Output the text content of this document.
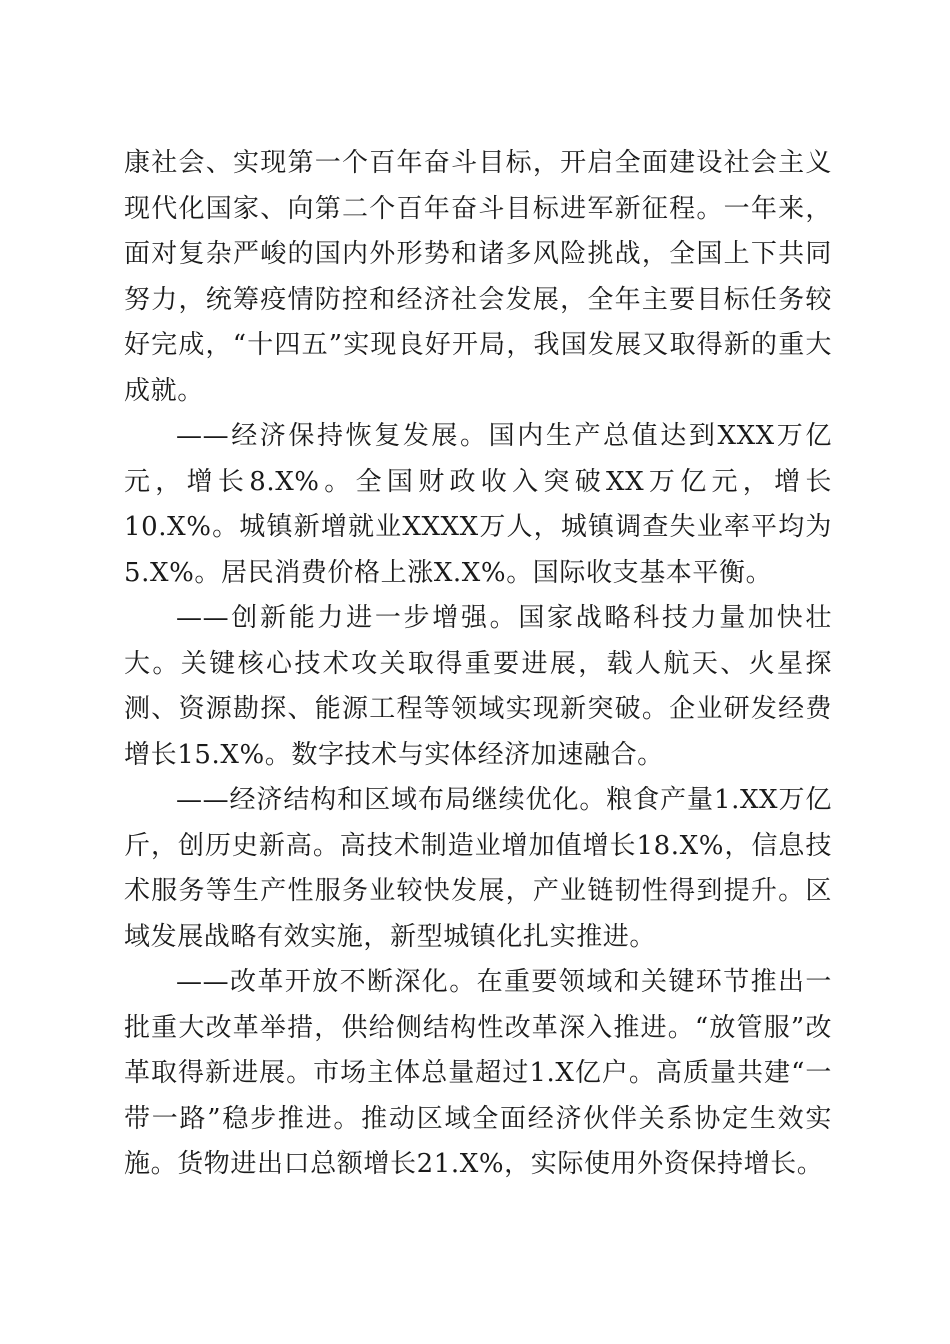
康社会、实现第一个百年奋斗目标，开启全面建设社会主义现代化国家、向第二个百年奋斗目标进军新征程。一年来，面对复杂严峻的国内外形势和诸多风险挑战，全国上下共同努力，统筹疫情防控和经济社会发展，全年主要目标任务较好完成，“十四五”实现良好开局，我国发展又取得新的重大成就。

——经济保持恢复发展。国内生产总值达到XXX万亿元，增长8.X%。全国财政收入突破XX万亿元，增长10.X%。城镇新增就业XXXX万人，城镇调查失业率平均为5.X%。居民消费价格上涨X.X%。国际收支基本平衡。

——创新能力进一步增强。国家战略科技力量加快壮大。关键核心技术攻关取得重要进展，载人航天、火星探测、资源勘探、能源工程等领域实现新突破。企业研发经费增长15.X%。数字技术与实体经济加速融合。

——经济结构和区域布局继续优化。粮食产量1.XX万亿斤，创历史新高。高技术制造业增加值增长18.X%，信息技术服务等生产性服务业较快发展，产业链韧性得到提升。区域发展战略有效实施，新型城镇化扎实推进。

——改革开放不断深化。在重要领域和关键环节推出一批重大改革举措，供给侧结构性改革深入推进。“放管服”改革取得新进展。市场主体总量超过1.X亿户。高质量共建“一带一路”稳步推进。推动区域全面经济伙伴关系协定生效实施。货物进出口总额增长21.X%，实际使用外资保持增长。
